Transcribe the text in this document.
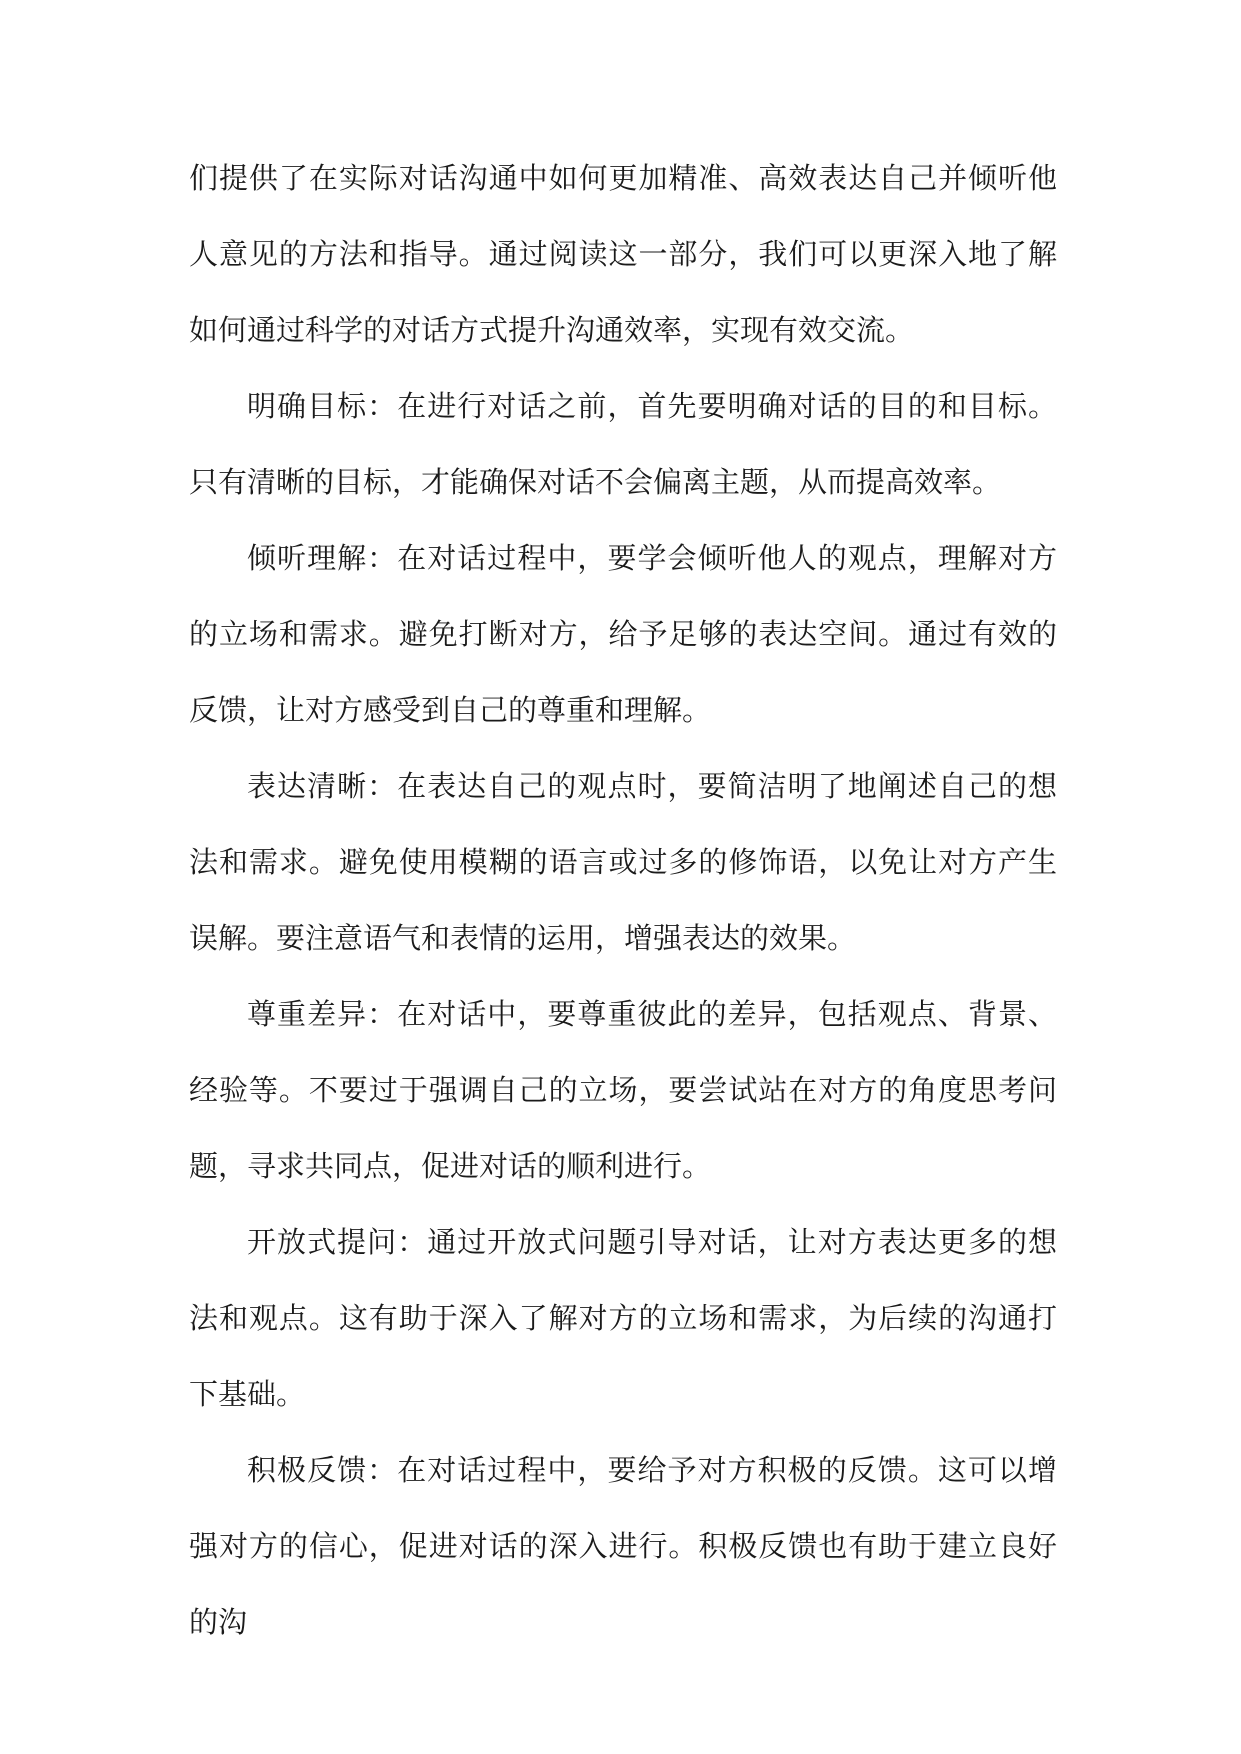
们提供了在实际对话沟通中如何更加精准、高效表达自己并倾听他人意见的方法和指导。通过阅读这一部分，我们可以更深入地了解如何通过科学的对话方式提升沟通效率，实现有效交流。

明确目标：在进行对话之前，首先要明确对话的目的和目标。只有清晰的目标，才能确保对话不会偏离主题，从而提高效率。

倾听理解：在对话过程中，要学会倾听他人的观点，理解对方的立场和需求。避免打断对方，给予足够的表达空间。通过有效的反馈，让对方感受到自己的尊重和理解。

表达清晰：在表达自己的观点时，要简洁明了地阐述自己的想法和需求。避免使用模糊的语言或过多的修饰语，以免让对方产生误解。要注意语气和表情的运用，增强表达的效果。

尊重差异：在对话中，要尊重彼此的差异，包括观点、背景、经验等。不要过于强调自己的立场，要尝试站在对方的角度思考问题，寻求共同点，促进对话的顺利进行。

开放式提问：通过开放式问题引导对话，让对方表达更多的想法和观点。这有助于深入了解对方的立场和需求，为后续的沟通打下基础。

积极反馈：在对话过程中，要给予对方积极的反馈。这可以增强对方的信心，促进对话的深入进行。积极反馈也有助于建立良好的沟
